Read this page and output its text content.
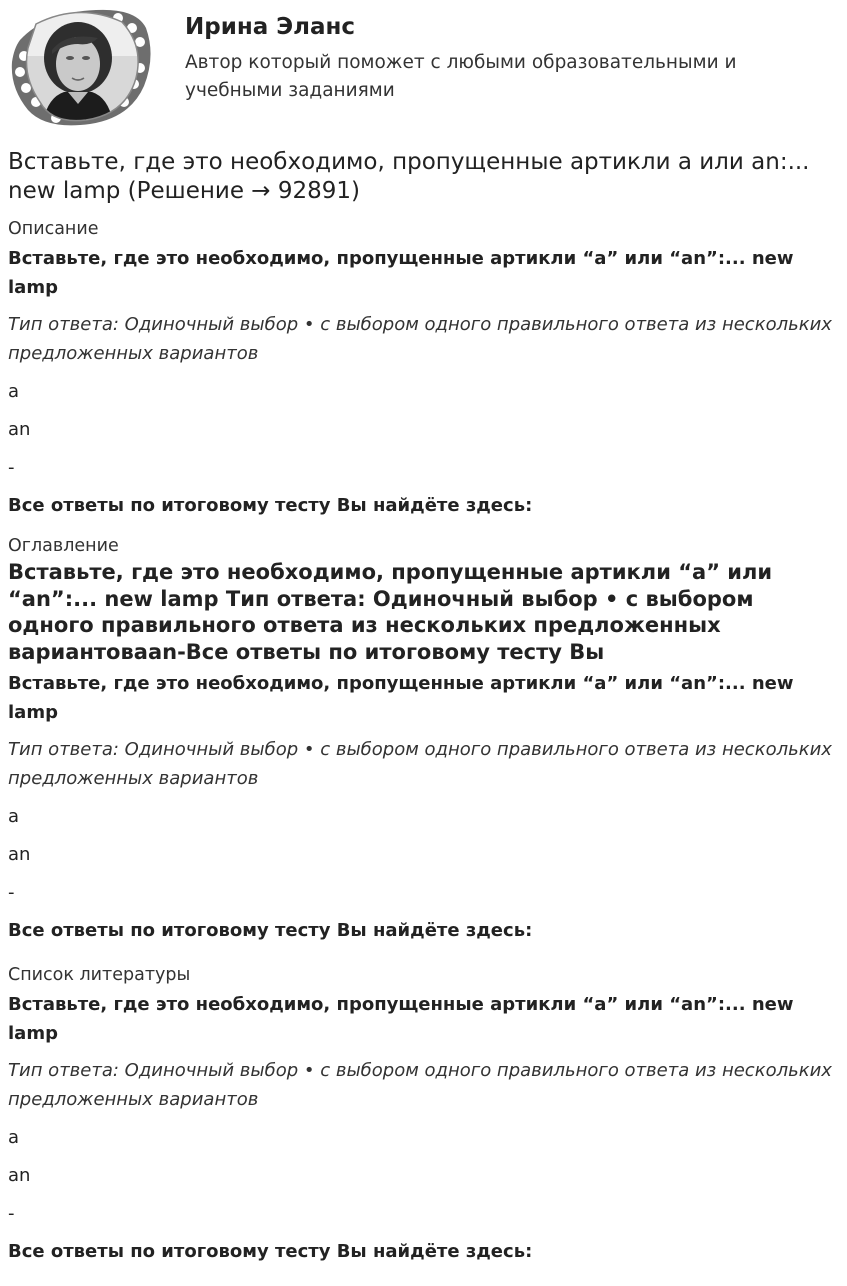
Ирина Эланс

Автор который поможет с любыми образовательными и учебными заданиями

Вставьте, где это необходимо, пропущенные артикли a или an:... new lamp (Решение → 92891)

Описание

Вставьте, где это необходимо, пропущенные артикли “a” или “an”:... new lamp

Тип ответа: Одиночный выбор • с выбором одного правильного ответа из нескольких предложенных вариантов

a

an

-

Все ответы по итоговому тесту Вы найдёте здесь:

Оглавление

Вставьте, где это необходимо, пропущенные артикли “a” или “an”:... new lamp Тип ответа: Одиночный выбор • с выбором одного правильного ответа из нескольких предложенных вариантоваan-Все ответы по итоговому тесту Вы

Вставьте, где это необходимо, пропущенные артикли “a” или “an”:... new lamp

Тип ответа: Одиночный выбор • с выбором одного правильного ответа из нескольких предложенных вариантов

a

an

-

Все ответы по итоговому тесту Вы найдёте здесь:

Список литературы

Вставьте, где это необходимо, пропущенные артикли “a” или “an”:... new lamp

Тип ответа: Одиночный выбор • с выбором одного правильного ответа из нескольких предложенных вариантов

a

an

-

Все ответы по итоговому тесту Вы найдёте здесь:
